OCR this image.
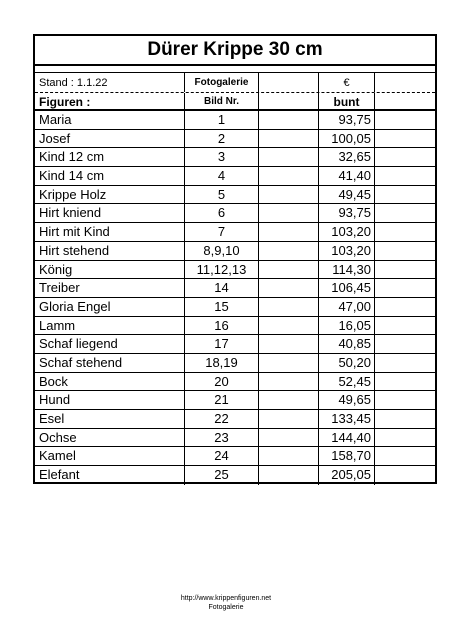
Dürer Krippe 30 cm
Stand : 1.1.22	Fotogalerie	€
Figuren :	Bild Nr.	bunt
Maria	1	93,75
Josef	2	100,05
Kind 12 cm	3	32,65
Kind 14 cm	4	41,40
Krippe Holz	5	49,45
Hirt kniend	6	93,75
Hirt mit Kind	7	103,20
Hirt stehend	8,9,10	103,20
König	11,12,13	114,30
Treiber	14	106,45
Gloria Engel	15	47,00
Lamm	16	16,05
Schaf liegend	17	40,85
Schaf stehend	18,19	50,20
Bock	20	52,45
Hund	21	49,65
Esel	22	133,45
Ochse	23	144,40
Kamel	24	158,70
Elefant	25	205,05
http://www.krippenfiguren.net
Fotogalerie
